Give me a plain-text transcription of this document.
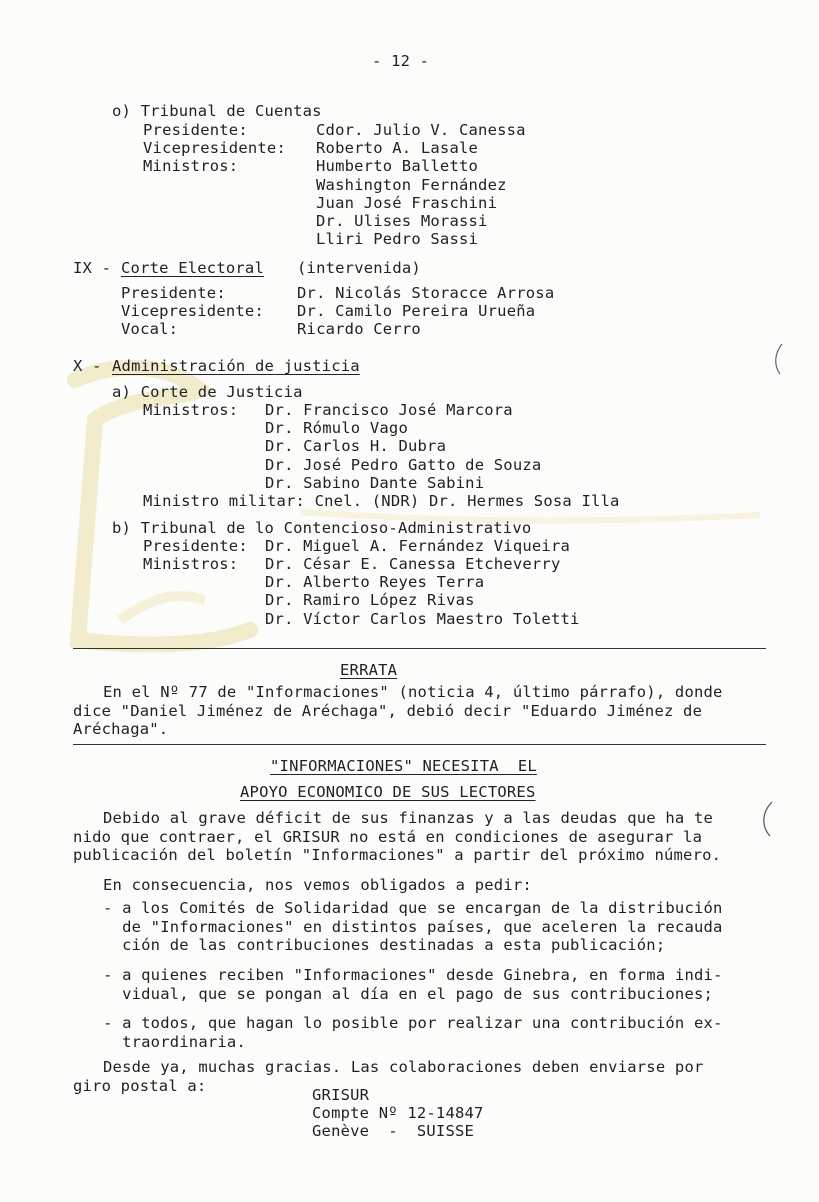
- 12 -
o) Tribunal de Cuentas
Presidente:	Cdor. Julio V. Canessa
Vicepresidente: Roberto A. Lasale
Ministros:	Humberto Balletto
Washington Fernández
Juan José Fraschini
Dr. Ulises Morassi
Lliri Pedro Sassi
IX - Corte Electoral (intervenida)
Presidente:	Dr. Nicolás Storacce Arrosa
Vicepresidente: Dr. Camilo Pereira Urueña
Vocal:	Ricardo Cerro
X - Administración de justicia
a) Corte de Justicia
Ministros: Dr. Francisco José Marcora
Dr. Rómulo Vago
Dr. Carlos H. Dubra
Dr. José Pedro Gatto de Souza
Dr. Sabino Dante Sabini
Ministro militar: Cnel. (NDR) Dr. Hermes Sosa Illa
b) Tribunal de lo Contencioso-Administrativo
Presidente: Dr. Miguel A. Fernández Viqueira
Ministros: Dr. César E. Canessa Etcheverry
Dr. Alberto Reyes Terra
Dr. Ramiro López Rivas
Dr. Víctor Carlos Maestro Toletti
ERRATA
En el Nº 77 de "Informaciones" (noticia 4, último párrafo), donde
dice "Daniel Jiménez de Aréchaga", debió decir "Eduardo Jiménez de
Aréchaga".
"INFORMACIONES" NECESITA  EL
APOYO ECONOMICO DE SUS LECTORES
Debido al grave déficit de sus finanzas y a las deudas que ha te
nido que contraer, el GRISUR no está en condiciones de asegurar la
publicación del boletín "Informaciones" a partir del próximo número.
En consecuencia, nos vemos obligados a pedir:
- a los Comités de Solidaridad que se encargan de la distribución
de "Informaciones" en distintos países, que aceleren la recauda
ción de las contribuciones destinadas a esta publicación;
- a quienes reciben "Informaciones" desde Ginebra, en forma indi-
vidual, que se pongan al día en el pago de sus contribuciones;
- a todos, que hagan lo posible por realizar una contribución ex-
traordinaria.
Desde ya, muchas gracias. Las colaboraciones deben enviarse por
giro postal a:
GRISUR
Compte Nº 12-14847
Genève  -  SUISSE
